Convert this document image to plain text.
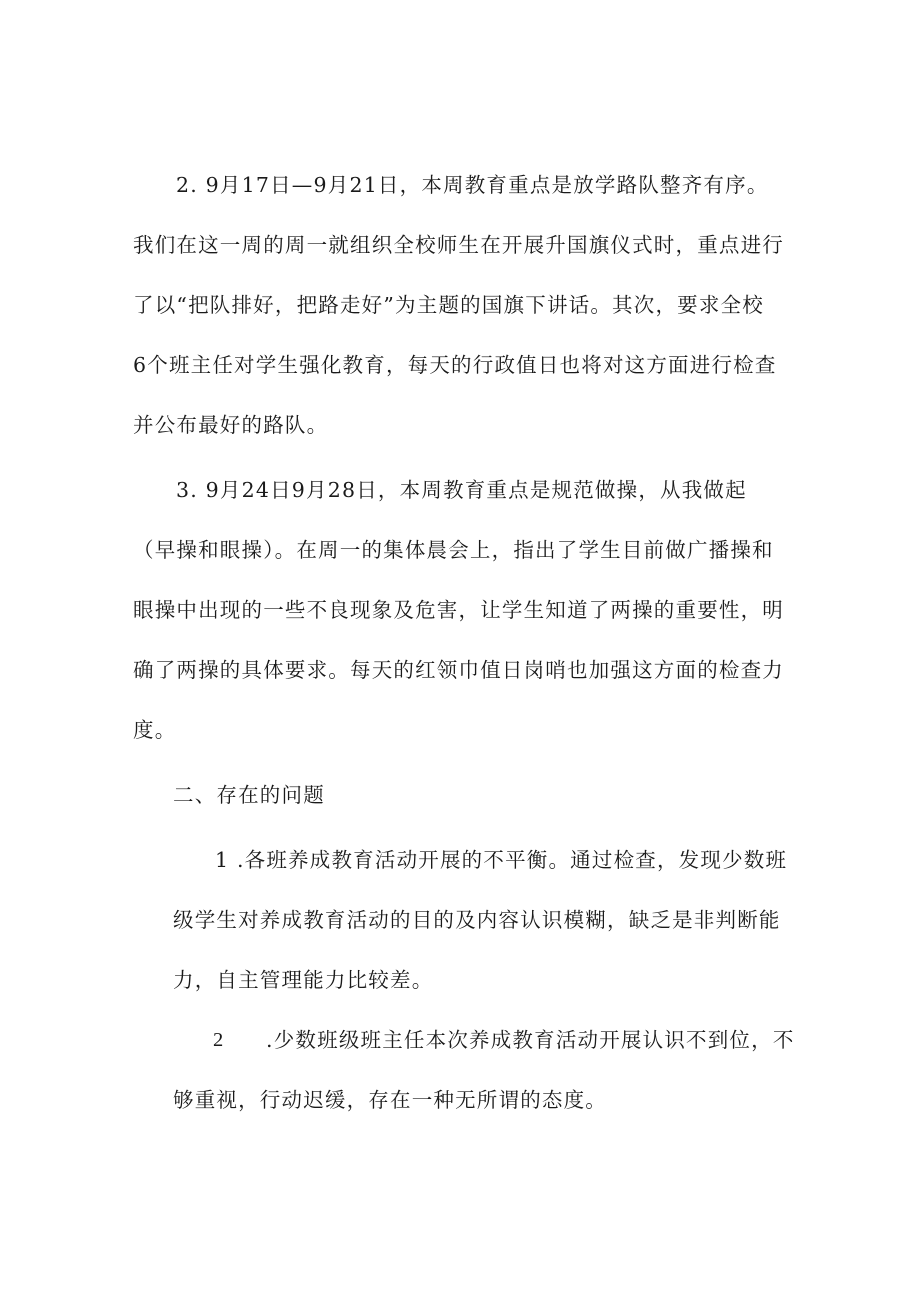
2. 9月17日—9月21日，本周教育重点是放学路队整齐有序。

我们在这一周的周一就组织全校师生在开展升国旗仪式时，重点进行

了以“把队排好，把路走好”为主题的国旗下讲话。其次，要求全校

6个班主任对学生强化教育，每天的行政值日也将对这方面进行检查

并公布最好的路队。

3. 9月24日9月28日，本周教育重点是规范做操，从我做起

（早操和眼操）。在周一的集体晨会上，指出了学生目前做广播操和

眼操中出现的一些不良现象及危害，让学生知道了两操的重要性，明

确了两操的具体要求。每天的红领巾值日岗哨也加强这方面的检查力

度。

二、存在的问题

1 .各班养成教育活动开展的不平衡。通过检查，发现少数班

级学生对养成教育活动的目的及内容认识模糊，缺乏是非判断能

力，自主管理能力比较差。

2 .少数班级班主任本次养成教育活动开展认识不到位，不

够重视，行动迟缓，存在一种无所谓的态度。
